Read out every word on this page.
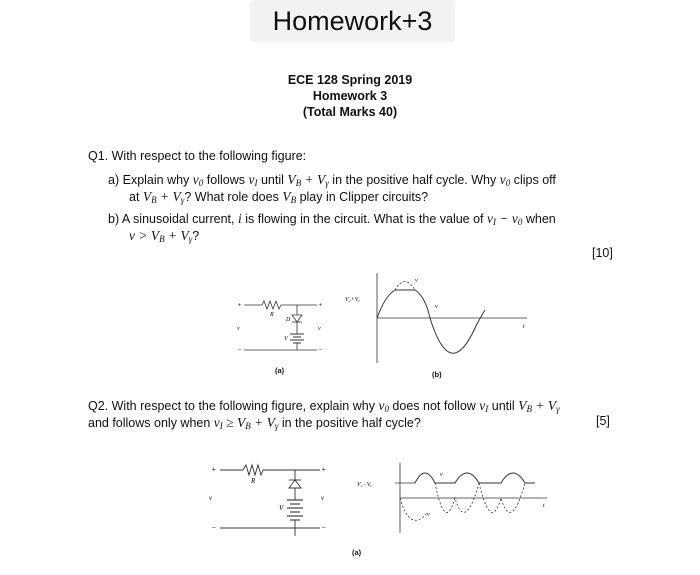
Homework+3
ECE 128 Spring 2019
Homework 3
(Total Marks 40)
Q1. With respect to the following figure:
a) Explain why $v_0$ follows $v_I$ until $V_B + V_\gamma$ in the positive half cycle. Why $v_0$ clips off
at $V_B + V_\gamma$? What role does $V_B$ play in Clipper circuits?
b) A sinusoidal current, i is flowing in the circuit. What is the value of $v_I - v_0$ when
$v > V_B + V_\gamma$?
[10]
R
D
V
v	v
+	+
−	−
(a)
V₂+Vᵧ
v
v
t
(b)
Q2. With respect to the following figure, explain why $v_0$ does not follow $v_I$ until $V_B + V_\gamma$
and follows only when $v_I \ge V_B + V_\gamma$ in the positive half cycle?	[5]
R
V
v	v
+	+
−	−
V₂−Vᵧ
v
v
t
(a)
